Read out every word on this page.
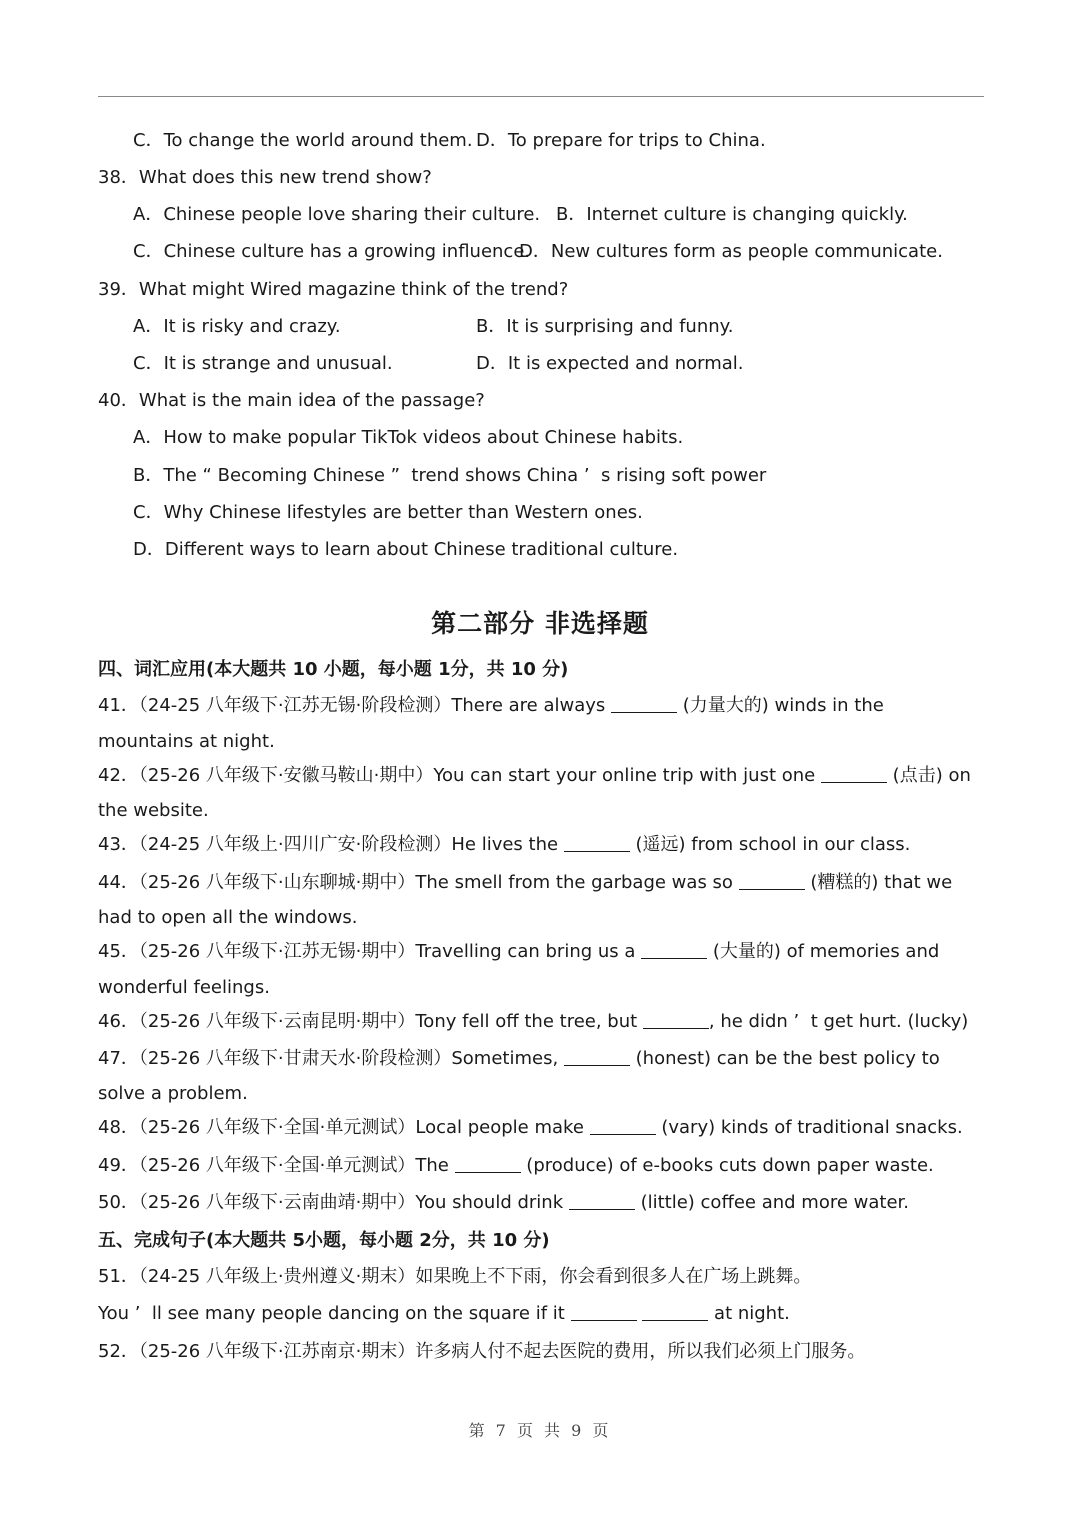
C．To change the world around them. D．To prepare for trips to China.
38．What does this new trend show?
A．Chinese people love sharing their culture. B．Internet culture is changing quickly.
C．Chinese culture has a growing influence.
D．New cultures form as people communicate.
39．What might Wired magazine think of the trend?
A．It is risky and crazy.	B．It is surprising and funny.
C．It is strange and unusual.	D．It is expected and normal.
40．What is the main idea of the passage?
A．How to make popular TikTok videos about Chinese habits.
B．The “ Becoming Chinese ”  trend shows China ’  s rising soft power
C．Why Chinese lifestyles are better than Western ones.
D．Different ways to learn about Chinese traditional culture.
第二部分 非选择题
四、词汇应用(本大题共 10 小题，每小题 1分，共 10 分)
41．（24-25 八年级下·江苏无锡·阶段检测）There are always	(力量大的) winds in the
mountains at night.
42．（25-26 八年级下·安徽马鞍山·期中）You can start your online trip with just one	(点击) on
the website.
43．（24-25 八年级上·四川广安·阶段检测）He lives the	(遥远) from school in our class.
44．（25-26 八年级下·山东聊城·期中）The smell from the garbage was so	(糟糕的) that we
had to open all the windows.
45．（25-26 八年级下·江苏无锡·期中）Travelling can bring us a	(大量的) of memories and
wonderful feelings.
46．（25-26 八年级下·云南昆明·期中）Tony fell off the tree, but	, he didn ’  t get hurt. (lucky)
47．（25-26 八年级下·甘肃天水·阶段检测）Sometimes,	(honest) can be the best policy to
solve a problem.
48．（25-26 八年级下·全国·单元测试）Local people make	(vary) kinds of traditional snacks.
49．（25-26 八年级下·全国·单元测试）The	(produce) of e-books cuts down paper waste.
50．（25-26 八年级下·云南曲靖·期中）You should drink	(little) coffee and more water.
五、完成句子(本大题共 5小题，每小题 2分，共 10 分)
51．（24-25 八年级上·贵州遵义·期末）如果晚上不下雨，你会看到很多人在广场上跳舞。
You ’  ll see many people dancing on the square if it	at night.
52．（25-26 八年级下·江苏南京·期末）许多病人付不起去医院的费用，所以我们必须上门服务。
第 7 页 共 9 页
